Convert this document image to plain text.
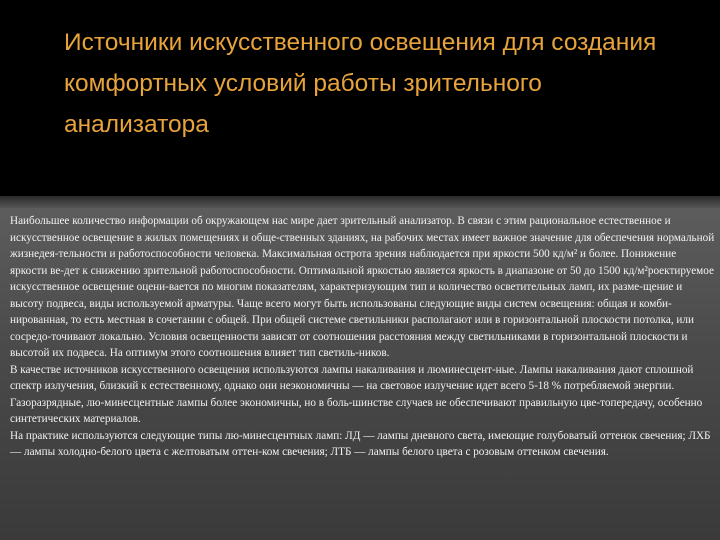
Источники искусственного освещения для создания комфортных условий работы зрительного анализатора

Наибольшее количество информации об окружающем нас мире дает зрительный анализатор. В связи с этим рациональное естественное и искусственное освещение в жилых помещениях и обще-ственных зданиях, на рабочих местах имеет важное значение для обеспечения нормальной жизнедея-тельности и работоспособности человека. Максимальная острота зрения наблюдается при яркости 500 кд/м² и более. Понижение яркости ве-дет к снижению зрительной работоспособности. Оптимальной яркостью является яркость в диапазоне от 50 до 1500 кд/м²роектируемое искусственное освещение оцени-вается по многим показателям, характеризующим тип и количество осветительных ламп, их разме-щение и высоту подвеса, виды используемой арматуры. Чаще всего могут быть использованы следующие виды систем освещения: общая и комби-нированная, то есть местная в сочетании с общей. При общей системе светильники располагают или в горизонтальной плоскости потолка, или сосредо-точивают локально. Условия освещенности зависят от соотношения расстояния между светильниками в горизонтальной плоскости и высотой их подвеса. На оптимум этого соотношения влияет тип светиль-ников.

В качестве источников искусственного освещения используются лампы накаливания и люминесцент-ные. Лампы накаливания дают сплошной спектр излучения, близкий к естественному, однако они неэкономичны — на световое излучение идет всего 5-18 % потребляемой энергии. Газоразрядные, лю-минесцентные лампы более экономичны, но в боль-шинстве случаев не обеспечивают правильную цве-топередачу, особенно синтетических материалов.

На практике используются следующие типы лю-минесцентных ламп: ЛД — лампы дневного света, имеющие голубоватый оттенок свечения; ЛХБ — лампы холодно-белого цвета с желтоватым оттен-ком свечения; ЛТБ — лампы белого цвета с розовым оттенком свечения.
